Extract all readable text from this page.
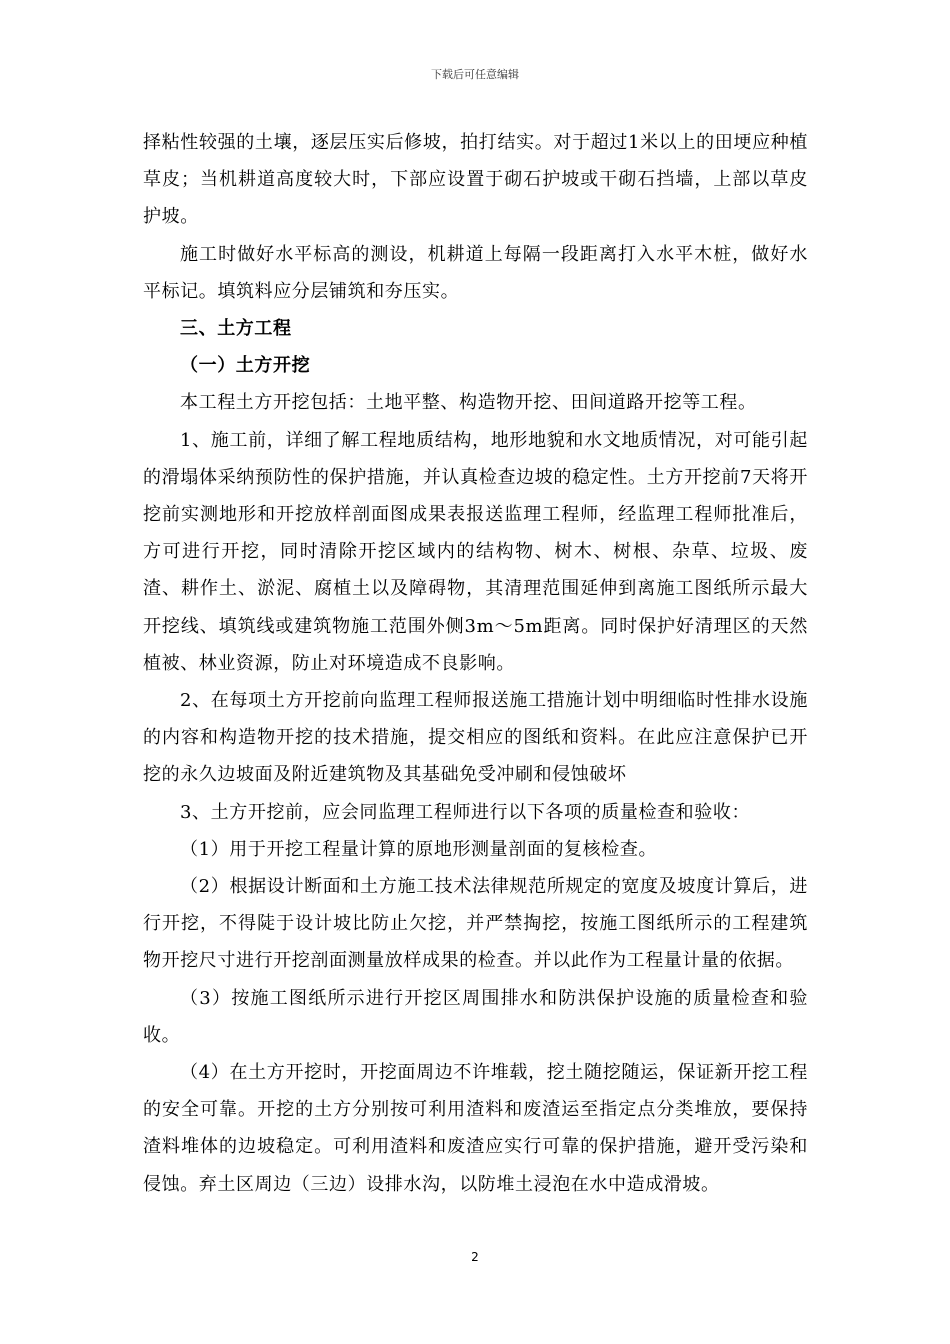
下载后可任意编辑

择粘性较强的土壤，逐层压实后修坡，拍打结实。对于超过1米以上的田埂应种植草皮；当机耕道高度较大时，下部应设置于砌石护坡或干砌石挡墙，上部以草皮护坡。

施工时做好水平标高的测设，机耕道上每隔一段距离打入水平木桩，做好水平标记。填筑料应分层铺筑和夯压实。

三、土方工程

（一）土方开挖

本工程土方开挖包括：土地平整、构造物开挖、田间道路开挖等工程。

1、施工前，详细了解工程地质结构，地形地貌和水文地质情况，对可能引起的滑塌体采纳预防性的保护措施，并认真检查边坡的稳定性。土方开挖前7天将开挖前实测地形和开挖放样剖面图成果表报送监理工程师，经监理工程师批准后，方可进行开挖，同时清除开挖区域内的结构物、树木、树根、杂草、垃圾、废渣、耕作土、淤泥、腐植土以及障碍物，其清理范围延伸到离施工图纸所示最大开挖线、填筑线或建筑物施工范围外侧3m～5m距离。同时保护好清理区的天然植被、林业资源，防止对环境造成不良影响。

2、在每项土方开挖前向监理工程师报送施工措施计划中明细临时性排水设施的内容和构造物开挖的技术措施，提交相应的图纸和资料。在此应注意保护已开挖的永久边坡面及附近建筑物及其基础免受冲刷和侵蚀破坏

3、土方开挖前，应会同监理工程师进行以下各项的质量检查和验收：

（1）用于开挖工程量计算的原地形测量剖面的复核检查。

（2）根据设计断面和土方施工技术法律规范所规定的宽度及坡度计算后，进行开挖，不得陡于设计坡比防止欠挖，并严禁掏挖，按施工图纸所示的工程建筑物开挖尺寸进行开挖剖面测量放样成果的检查。并以此作为工程量计量的依据。

（3）按施工图纸所示进行开挖区周围排水和防洪保护设施的质量检查和验收。

（4）在土方开挖时，开挖面周边不许堆载，挖土随挖随运，保证新开挖工程的安全可靠。开挖的土方分别按可利用渣料和废渣运至指定点分类堆放，要保持渣料堆体的边坡稳定。可利用渣料和废渣应实行可靠的保护措施，避开受污染和侵蚀。弃土区周边（三边）设排水沟，以防堆土浸泡在水中造成滑坡。

2
